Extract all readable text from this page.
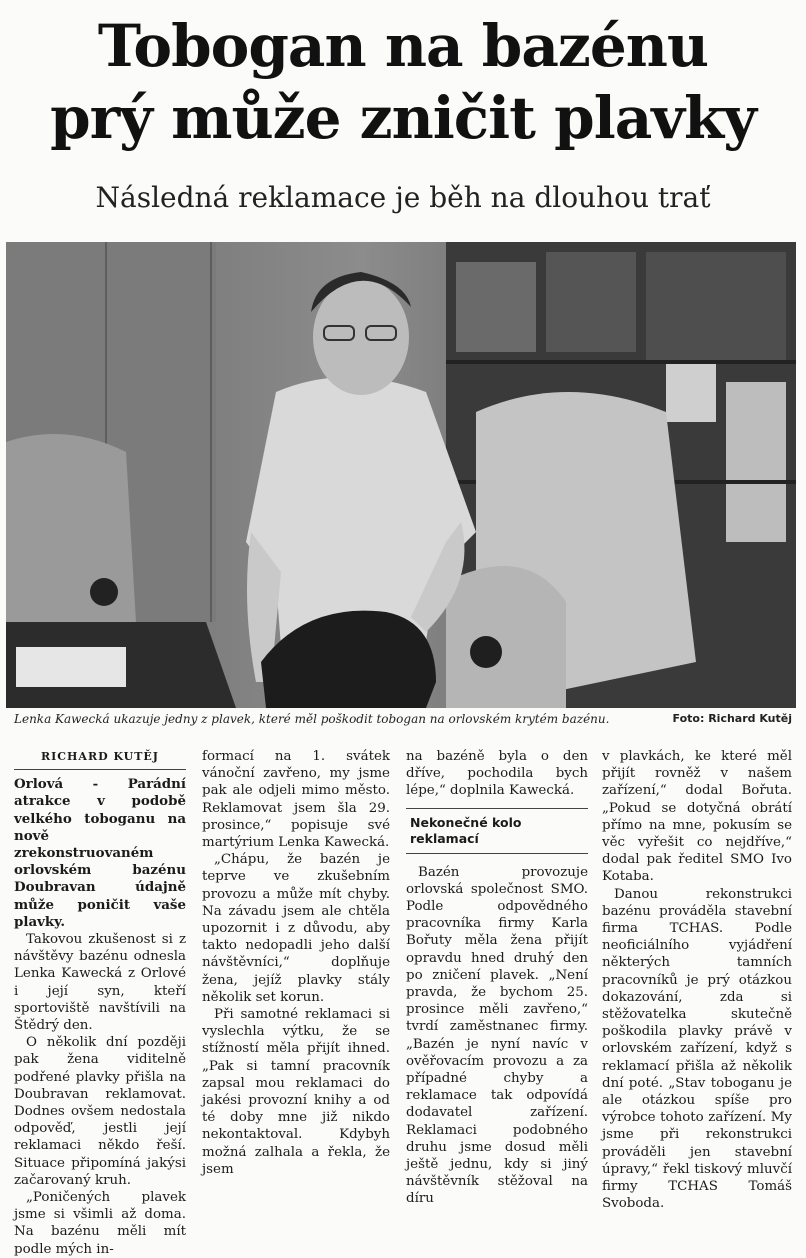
Tobogan na bazénu
prý může zničit plavky
Následná reklamace je běh na dlouhou trať
Lenka Kawecká ukazuje jedny z plavek, které měl poškodit tobogan na orlovském krytém bazénu.	Foto: Richard Kutěj
RICHARD KUTĚJ

Orlová - Parádní atrakce v podobě velkého toboganu na nově zrekonstruovaném orlovském bazénu Doubravan údajně může poničit vaše plavky.

Takovou zkušenost si z návštěvy bazénu odnesla Lenka Kawecká z Orlové i její syn, kteří sportoviště navštívili na Štědrý den.

O několik dní později pak žena viditelně podřené plavky přišla na Doubravan reklamovat. Dodnes ovšem nedostala odpověď, jestli její reklamaci někdo řeší. Situace připomíná jakýsi začarovaný kruh.

„Poničených plavek jsme si všimli až doma. Na bazénu měli mít podle mých in-

formací na 1. svátek vánoční zavřeno, my jsme pak ale odjeli mimo město. Reklamovat jsem šla 29. prosince,“ popisuje své martýrium Lenka Kawecká.

„Chápu, že bazén je teprve ve zkušebním provozu a může mít chyby. Na závadu jsem ale chtěla upozornit i z důvodu, aby takto nedopadli jeho další návštěvníci,“ doplňuje žena, jejíž plavky stály několik set korun.

Při samotné reklamaci si vyslechla výtku, že se stížností měla přijít ihned. „Pak si tamní pracovník zapsal mou reklamaci do jakési provozní knihy a od té doby mne již nikdo nekontaktoval. Kdybyh možná zalhala a řekla, že jsem

na bazéně byla o den dříve, pochodila bych lépe,“ doplnila Kawecká.

Nekonečné kolo reklamací

Bazén provozuje orlovská společnost SMO. Podle odpovědného pracovníka firmy Karla Bořuty měla žena přijít opravdu hned druhý den po zničení plavek. „Není pravda, že bychom 25. prosince měli zavřeno,“ tvrdí zaměstnanec firmy. „Bazén je nyní navíc v ověřovacím provozu a za případné chyby a reklamace tak odpovídá dodavatel zařízení. Reklamaci podobného druhu jsme dosud měli ještě jednu, kdy si jiný návštěvník stěžoval na díru

v plavkách, ke které měl přijít rovněž v našem zařízení,“ dodal Bořuta. „Pokud se dotyčná obrátí přímo na mne, pokusím se věc vyřešit co nejdříve,“ dodal pak ředitel SMO Ivo Kotaba.

Danou rekonstrukci bazénu prováděla stavební firma TCHAS. Podle neoficiálního vyjádření některých tamních pracovníků je prý otázkou dokazování, zda si stěžovatelka skutečně poškodila plavky právě v orlovském zařízení, když s reklamací přišla až několik dní poté. „Stav toboganu je ale otázkou spíše pro výrobce tohoto zařízení. My jsme při rekonstrukci prováděli jen stavební úpravy,“ řekl tiskový mluvčí firmy TCHAS Tomáš Svoboda.
